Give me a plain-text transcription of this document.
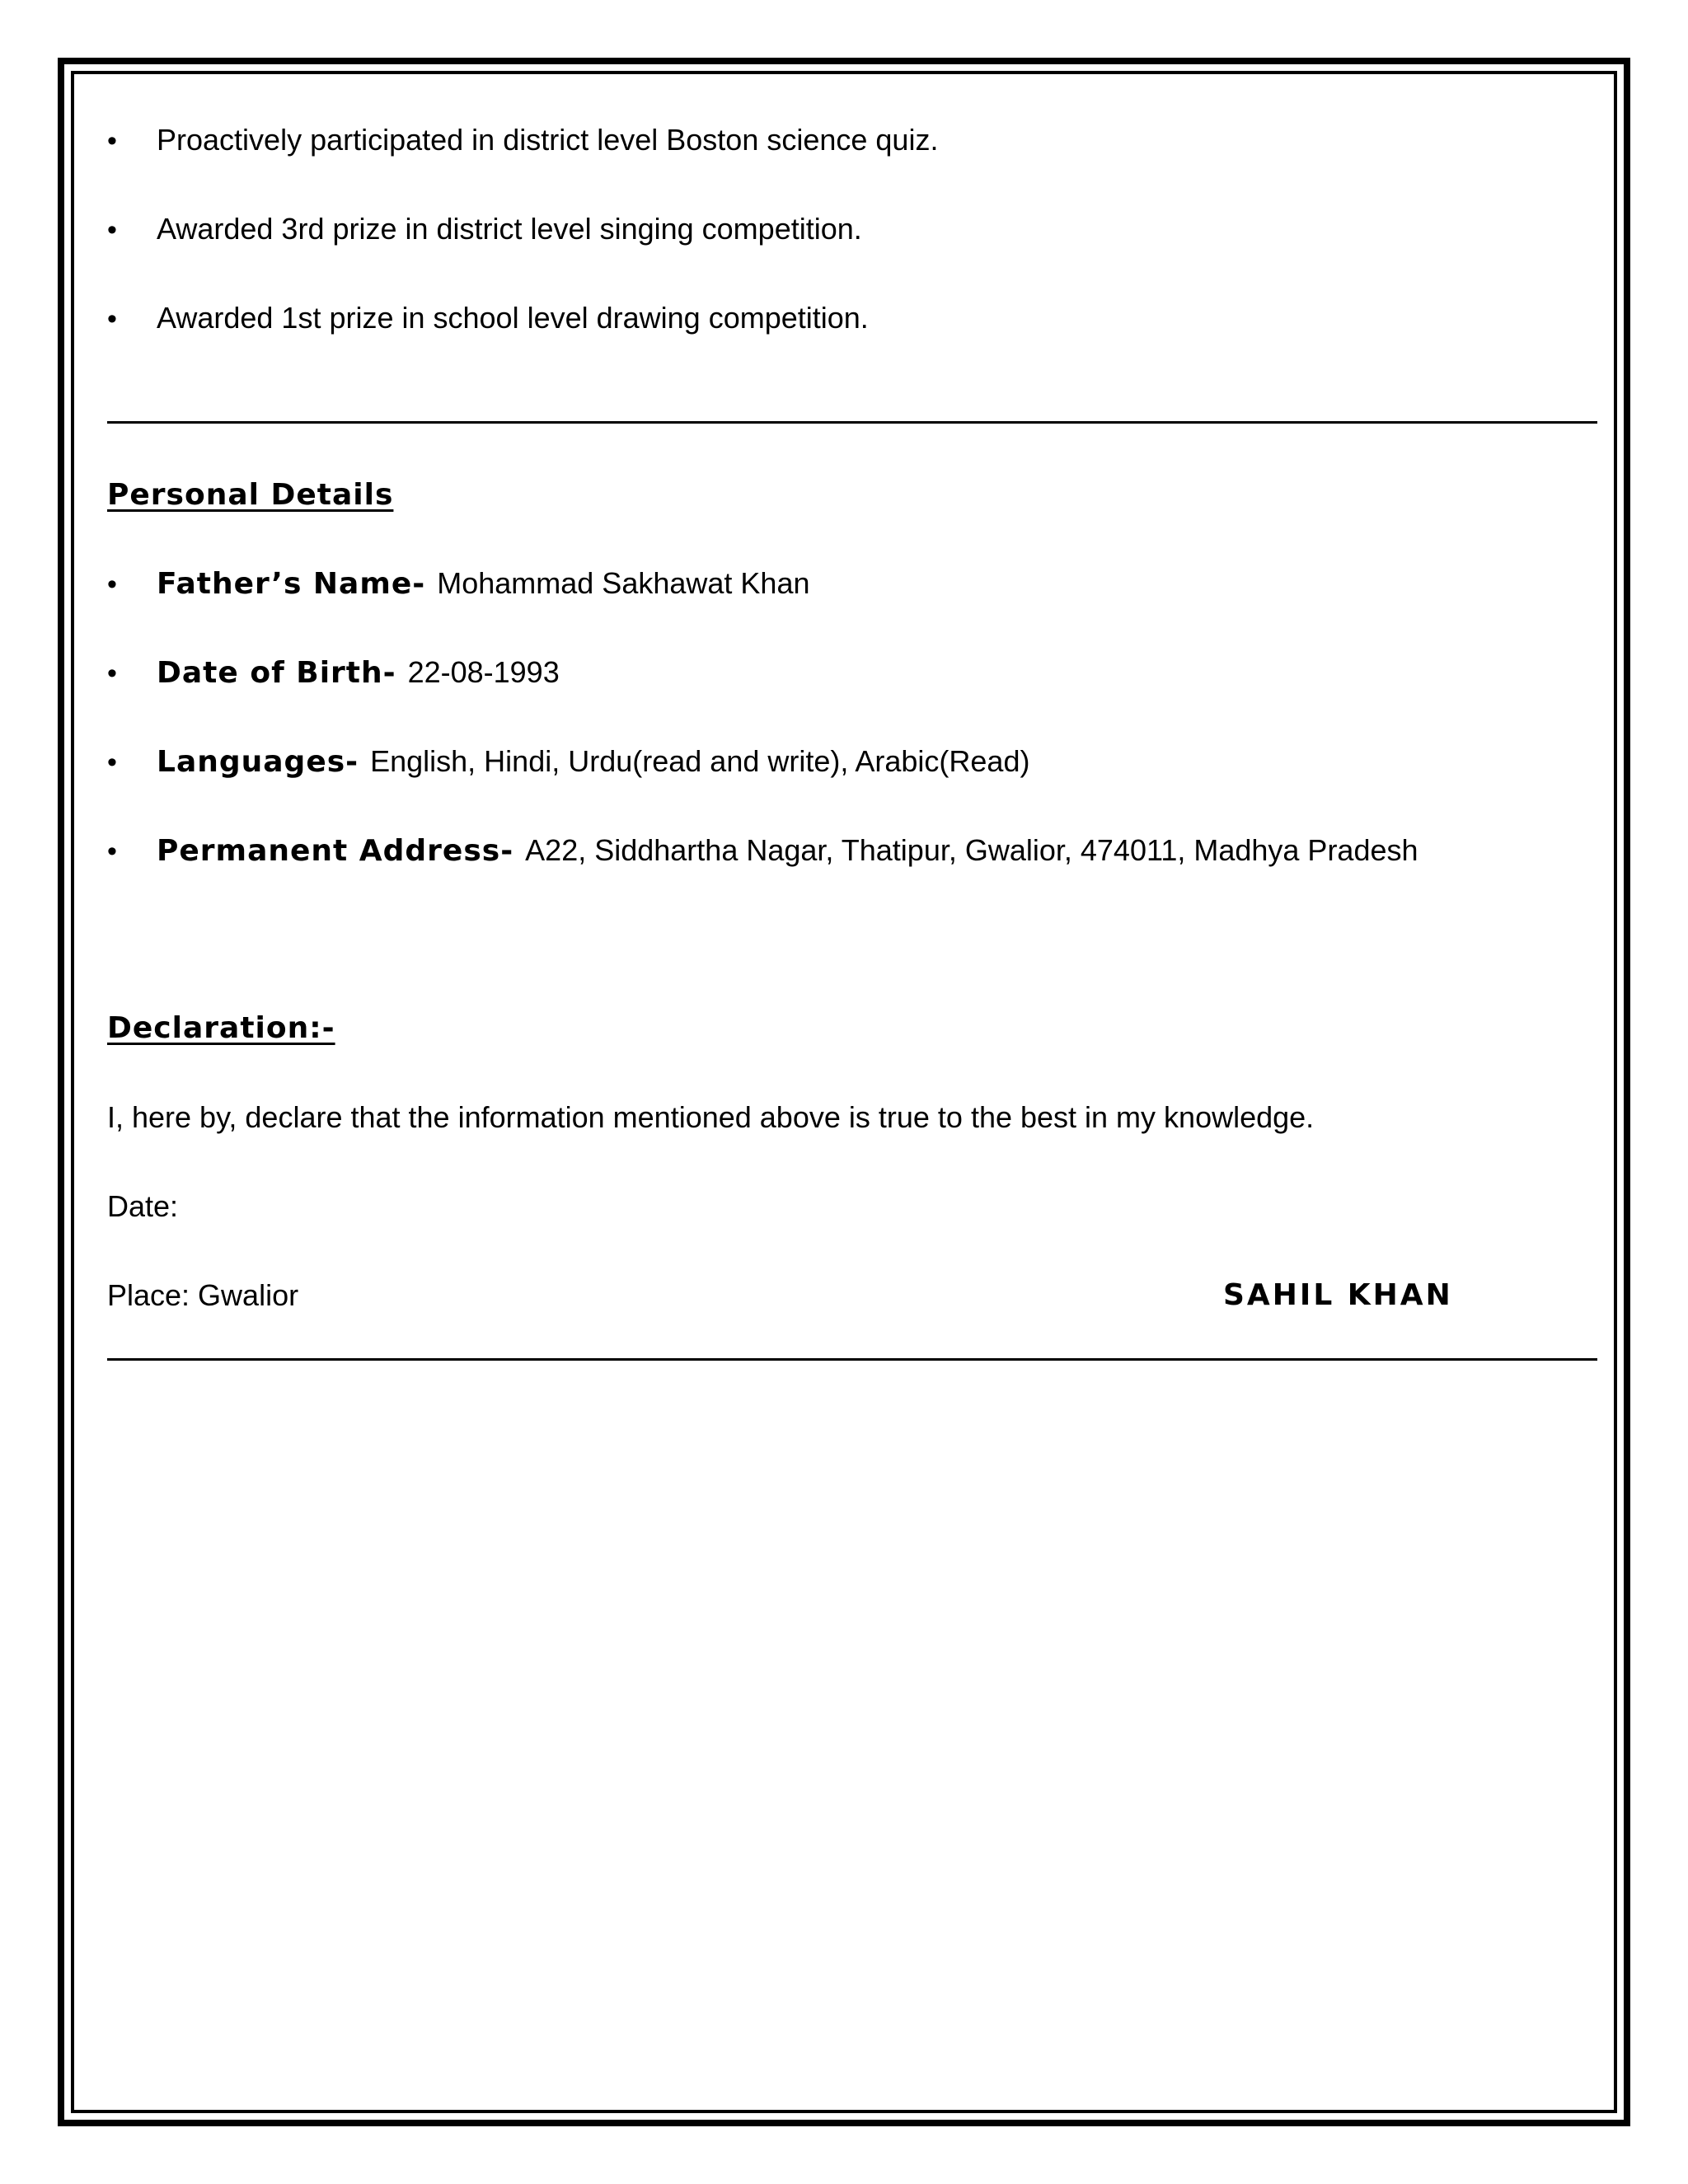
•	Proactively participated in district level Boston science quiz.
•	Awarded 3rd prize in district level singing competition.
•	Awarded 1st prize in school level drawing competition.
Personal Details
•	Father’s Name- Mohammad Sakhawat Khan
•	Date of Birth- 22-08-1993
•	Languages- English, Hindi, Urdu(read and write), Arabic(Read)
•	Permanent Address- A22, Siddhartha Nagar, Thatipur, Gwalior, 474011, Madhya Pradesh
Declaration:-
I, here by, declare that the information mentioned above is true to the best in my knowledge.
Date:
Place: Gwalior	SAHIL KHAN
